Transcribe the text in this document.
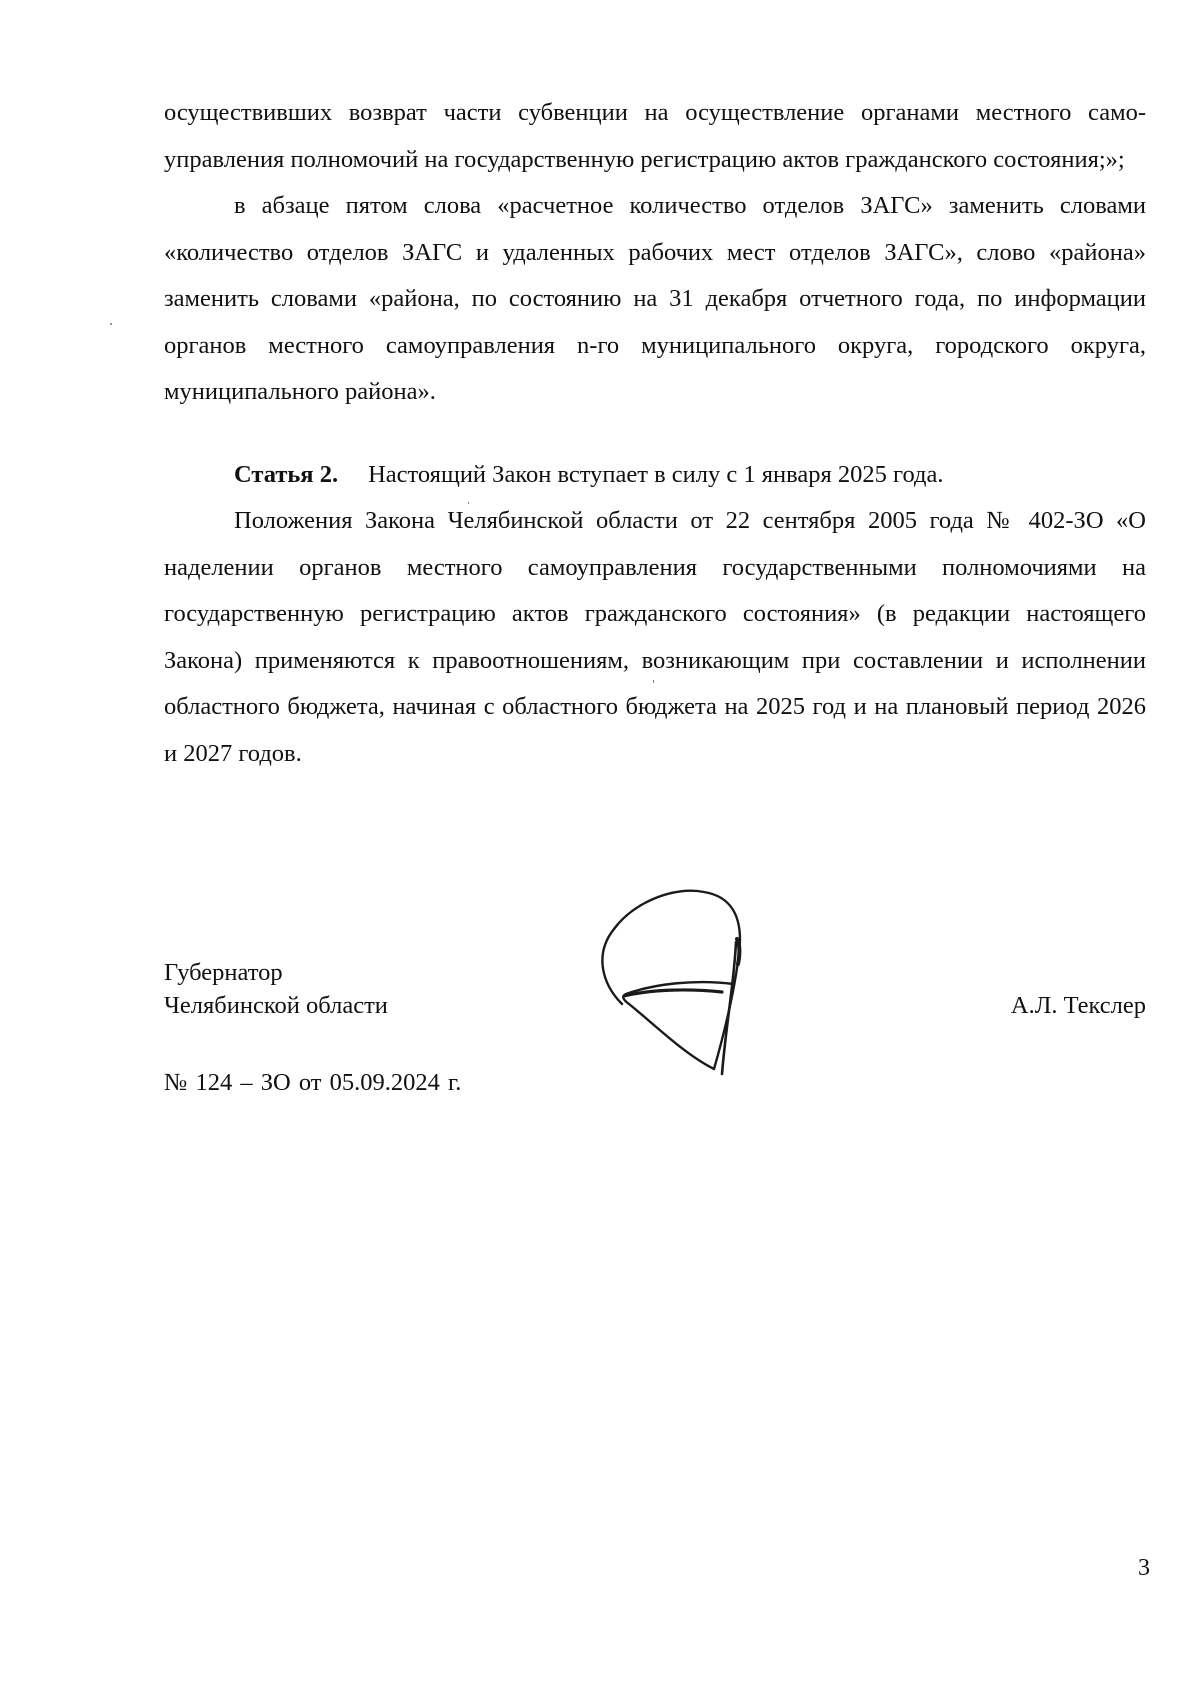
осуществивших возврат части субвенции на осуществление органами местного самоуправления полномочий на государственную регистрацию актов гражданского состояния;»;

в абзаце пятом слова «расчетное количество отделов ЗАГС» заменить словами «количество отделов ЗАГС и удаленных рабочих мест отделов ЗАГС», слово «района» заменить словами «района, по состоянию на 31 декабря отчетного года, по информации органов местного самоуправления n-го муниципального округа, городского округа, муниципального района».

Статья 2. Настоящий Закон вступает в силу с 1 января 2025 года.

Положения Закона Челябинской области от 22 сентября 2005 года № 402-ЗО «О наделении органов местного самоуправления государственными полномочиями на государственную регистрацию актов гражданского состояния» (в редакции настоящего Закона) применяются к правоотношениям, возникающим при составлении и исполнении областного бюджета, начиная с областного бюджета на 2025 год и на плановый период 2026 и 2027 годов.

Губернатор
Челябинской области	А.Л. Текслер
№ 124 – ЗО от 05.09.2024 г.
3
